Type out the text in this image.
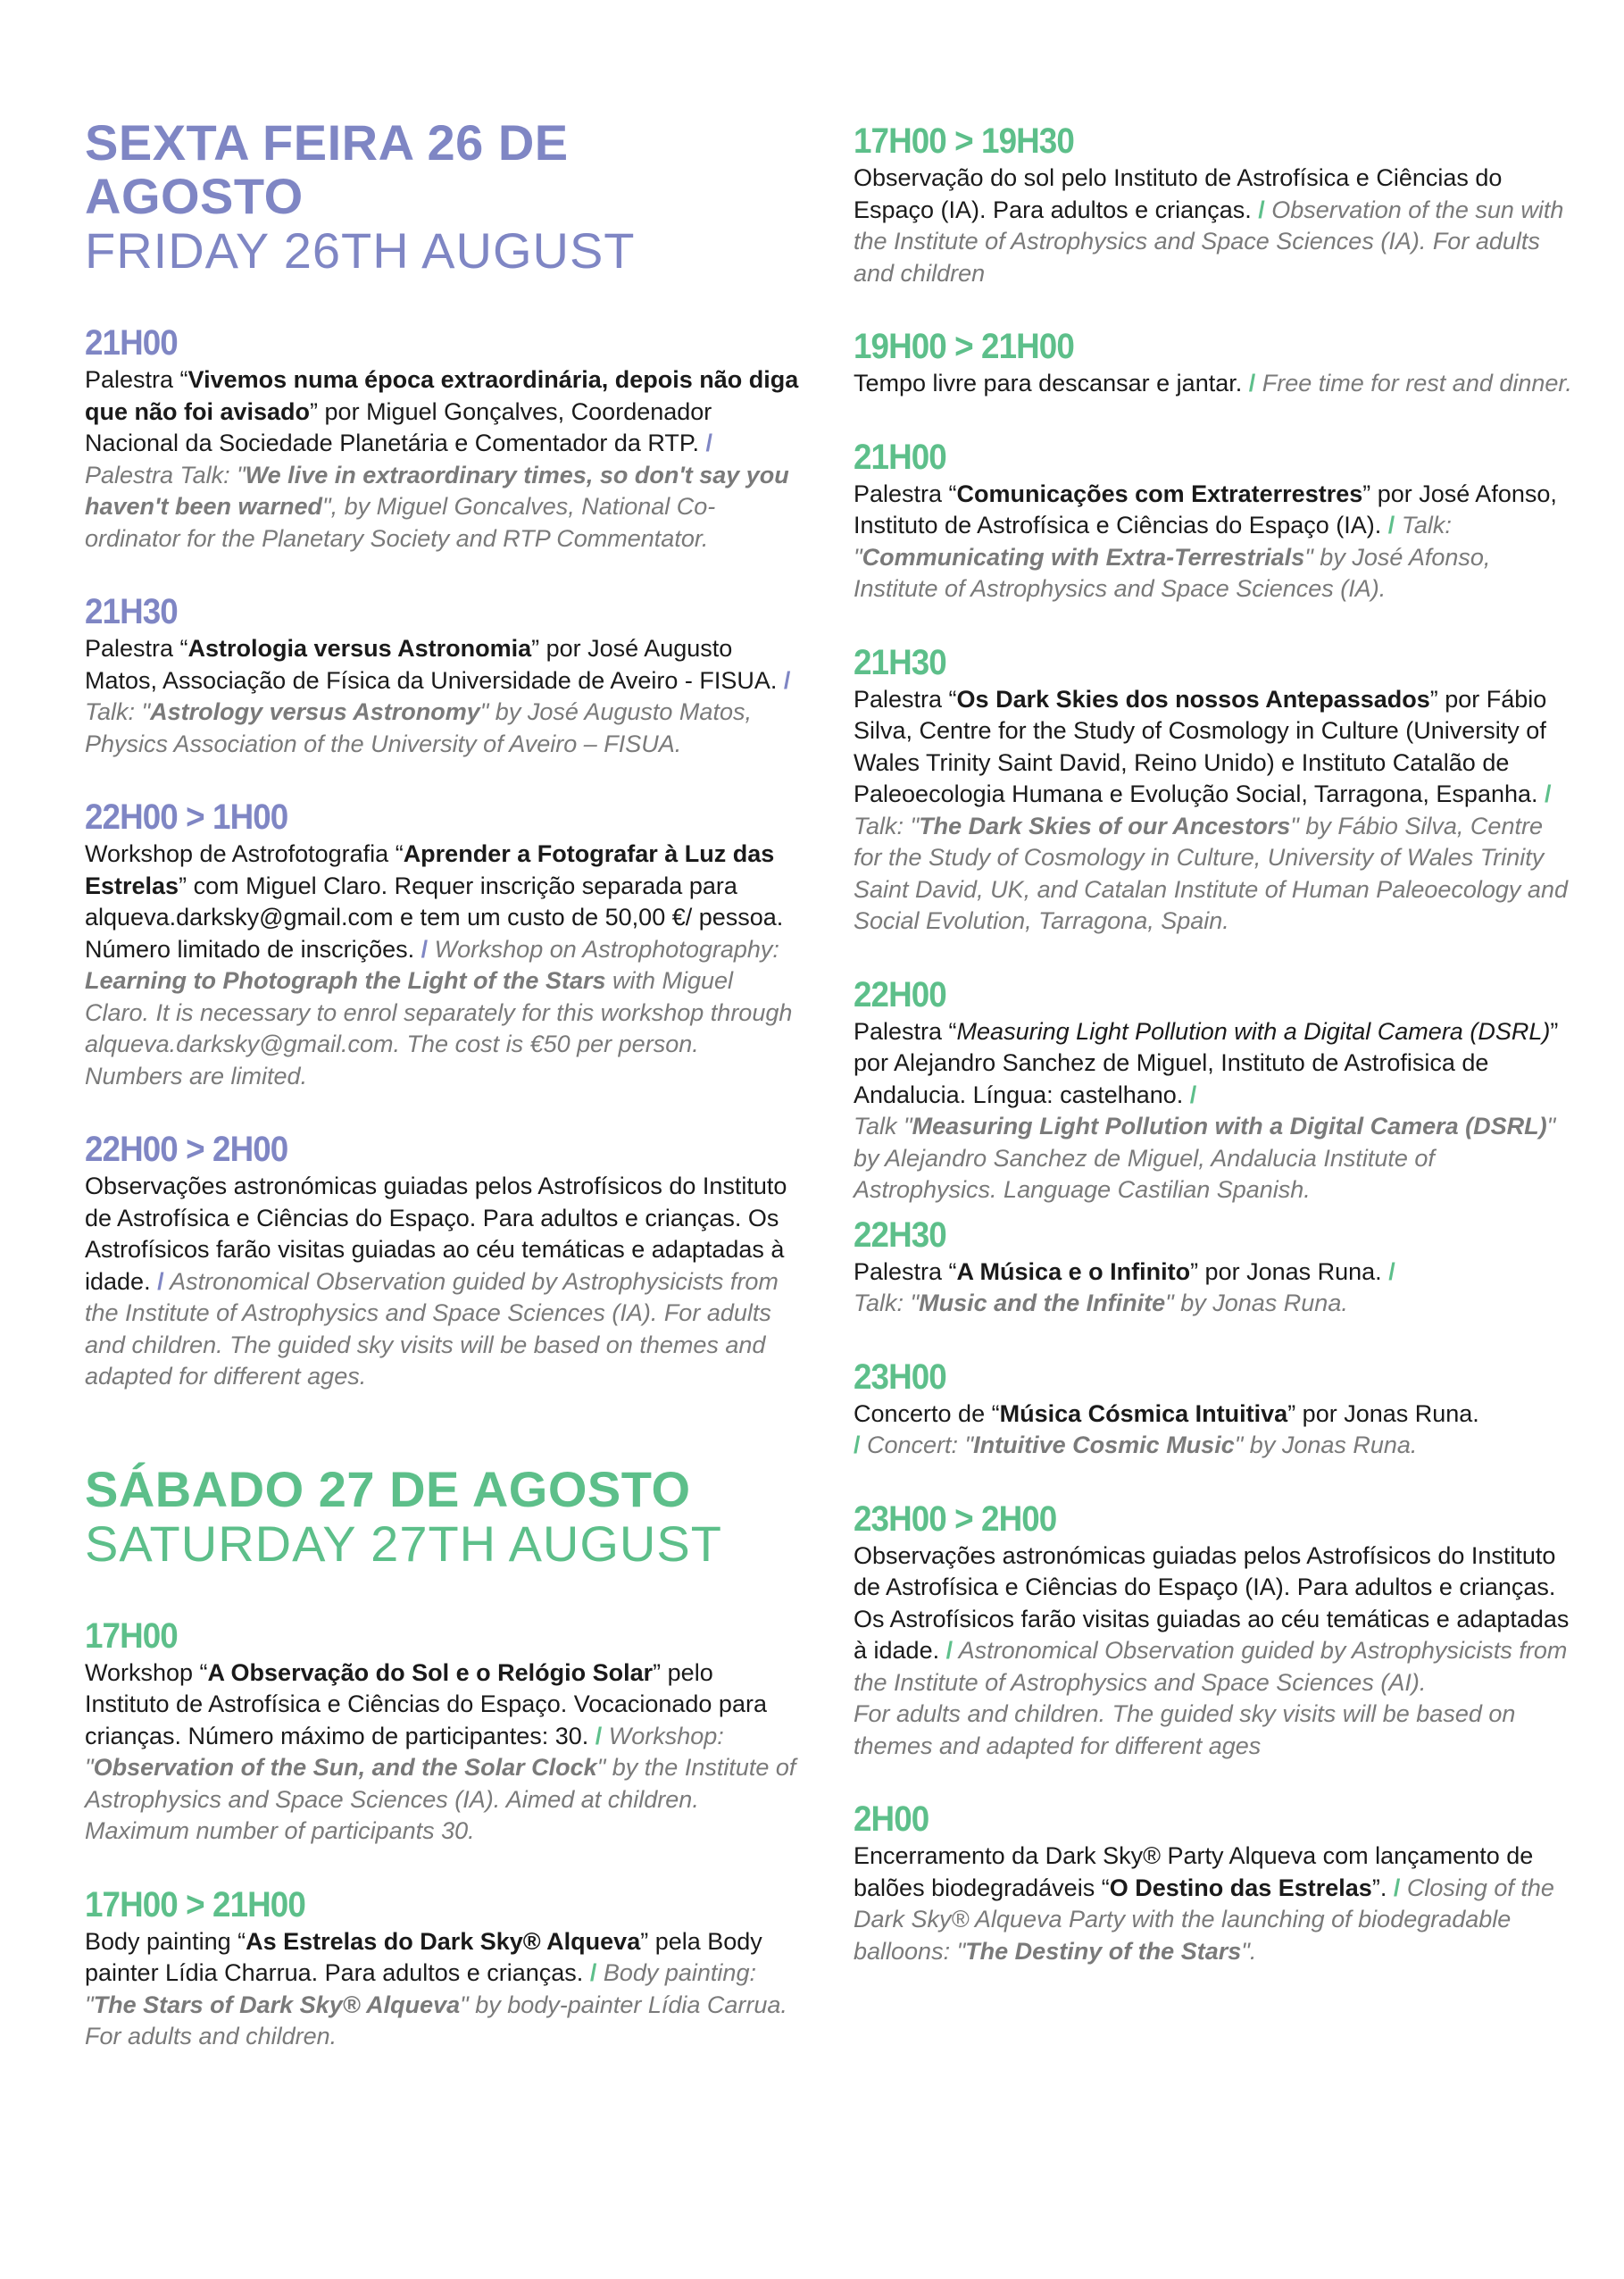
SEXTA FEIRA 26 DE AGOSTO
FRIDAY 26TH AUGUST
21H00
Palestra “Vivemos numa época extraordinária, depois não diga que não foi avisado” por Miguel Gonçalves, Coordenador Nacional da Sociedade Planetária e Comentador da RTP. / Palestra Talk: "We live in extraordinary times, so don't say you haven't been warned", by Miguel Goncalves, National Co-ordinator for the Planetary Society and RTP Commentator.
21H30
Palestra “Astrologia versus Astronomia” por José Augusto Matos, Associação de Física da Universidade de Aveiro - FISUA. / Talk: "Astrology versus Astronomy" by José Augusto Matos, Physics Association of the University of Aveiro – FISUA.
22H00 > 1H00
Workshop de Astrofotografia “Aprender a Fotografar à Luz das Estrelas” com Miguel Claro. Requer inscrição separada para alqueva.darksky@gmail.com e tem um custo de 50,00 €/ pessoa. Número limitado de inscrições. / Workshop on Astrophotography: Learning to Photograph the Light of the Stars with Miguel Claro. It is necessary to enrol separately for this workshop through alqueva.darksky@gmail.com. The cost is €50 per person. Numbers are limited.
22H00 > 2H00
Observações astronómicas guiadas pelos Astrofísicos do Instituto de Astrofísica e Ciências do Espaço. Para adultos e crianças. Os Astrofísicos farão visitas guiadas ao céu temáticas e adaptadas à idade. / Astronomical Observation guided by Astrophysicists from the Institute of Astrophysics and Space Sciences (IA). For adults and children. The guided sky visits will be based on themes and adapted for different ages.
SÁBADO 27 DE AGOSTO
SATURDAY 27TH AUGUST
17H00
Workshop “A Observação do Sol e o Relógio Solar” pelo Instituto de Astrofísica e Ciências do Espaço. Vocacionado para crianças. Número máximo de participantes: 30. / Workshop: "Observation of the Sun, and the Solar Clock" by the Institute of Astrophysics and Space Sciences (IA). Aimed at children. Maximum number of participants 30.
17H00 > 21H00
Body painting “As Estrelas do Dark Sky® Alqueva” pela Body painter Lídia Charrua. Para adultos e crianças. / Body painting: "The Stars of Dark Sky® Alqueva" by body-painter Lídia Carrua. For adults and children.
17H00 > 19H30
Observação do sol pelo Instituto de Astrofísica e Ciências do Espaço (IA). Para adultos e crianças. / Observation of the sun with the Institute of Astrophysics and Space Sciences (IA). For adults and children
19H00 > 21H00
Tempo livre para descansar e jantar. / Free time for rest and dinner.
21H00
Palestra “Comunicações com Extraterrestres” por José Afonso, Instituto de Astrofísica e Ciências do Espaço (IA). / Talk: "Communicating with Extra-Terrestrials" by José Afonso, Institute of Astrophysics and Space Sciences (IA).
21H30
Palestra “Os Dark Skies dos nossos Antepassados” por Fábio Silva, Centre for the Study of Cosmology in Culture (University of Wales Trinity Saint David, Reino Unido) e Instituto Catalão de Paleoecologia Humana e Evolução Social, Tarragona, Espanha. / Talk: "The Dark Skies of our Ancestors" by Fábio Silva, Centre for the Study of Cosmology in Culture, University of Wales Trinity Saint David, UK, and Catalan Institute of Human Paleoecology and Social Evolution, Tarragona, Spain.
22H00
Palestra “Measuring Light Pollution with a Digital Camera (DSRL)” por Alejandro Sanchez de Miguel, Instituto de Astrofisica de Andalucia. Língua: castelhano. /
Talk "Measuring Light Pollution with a Digital Camera (DSRL)" by Alejandro Sanchez de Miguel, Andalucia Institute of Astrophysics. Language Castilian Spanish.
22H30
Palestra “A Música e o Infinito” por Jonas Runa. /
Talk: "Music and the Infinite" by Jonas Runa.
23H00
Concerto de “Música Cósmica Intuitiva” por Jonas Runa.
/ Concert: "Intuitive Cosmic Music" by Jonas Runa.
23H00 > 2H00
Observações astronómicas guiadas pelos Astrofísicos do Instituto de Astrofísica e Ciências do Espaço (IA). Para adultos e crianças. Os Astrofísicos farão visitas guiadas ao céu temáticas e adaptadas à idade. / Astronomical Observation guided by Astrophysicists from the Institute of Astrophysics and Space Sciences (AI).
For adults and children. The guided sky visits will be based on themes and adapted for different ages
2H00
Encerramento da Dark Sky® Party Alqueva com lançamento de balões biodegradáveis “O Destino das Estrelas”. / Closing of the Dark Sky® Alqueva Party with the launching of biodegradable balloons: "The Destiny of the Stars".
